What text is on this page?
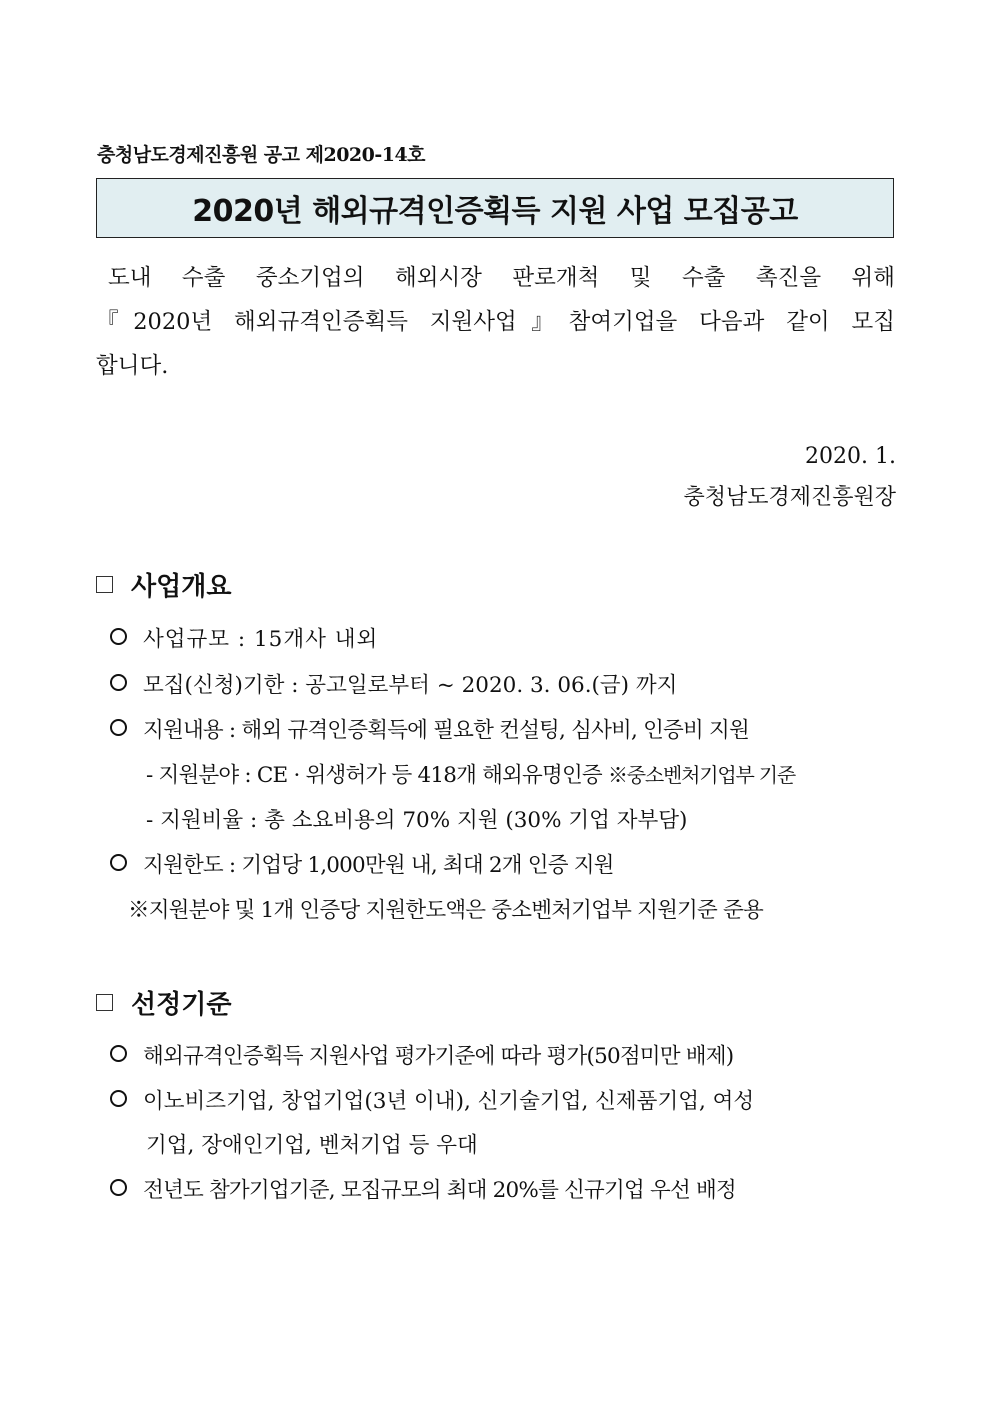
충청남도경제진흥원 공고 제2020-14호
2020년 해외규격인증획득 지원 사업 모집공고
도내 수출 중소기업의 해외시장 판로개척 및 수출 촉진을 위해
『2020년 해외규격인증획득 지원사업』참여기업을 다음과 같이 모집
합니다.
2020. 1.
충청남도경제진흥원장
사업개요
사업규모 : 15개사 내외
모집(신청)기한 : 공고일로부터 ~ 2020. 3. 06.(금) 까지
지원내용 : 해외 규격인증획득에 필요한 컨설팅, 심사비, 인증비 지원
- 지원분야 : CE · 위생허가 등 418개 해외유명인증 ※중소벤처기업부 기준
- 지원비율 : 총 소요비용의 70% 지원 (30% 기업 자부담)
지원한도 : 기업당 1,000만원 내, 최대 2개 인증 지원
※지원분야 및 1개 인증당 지원한도액은 중소벤처기업부 지원기준 준용
선정기준
해외규격인증획득 지원사업 평가기준에 따라 평가(50점미만 배제)
이노비즈기업, 창업기업(3년 이내), 신기술기업, 신제품기업, 여성
기업, 장애인기업, 벤처기업 등 우대
전년도 참가기업기준, 모집규모의 최대 20%를 신규기업 우선 배정
